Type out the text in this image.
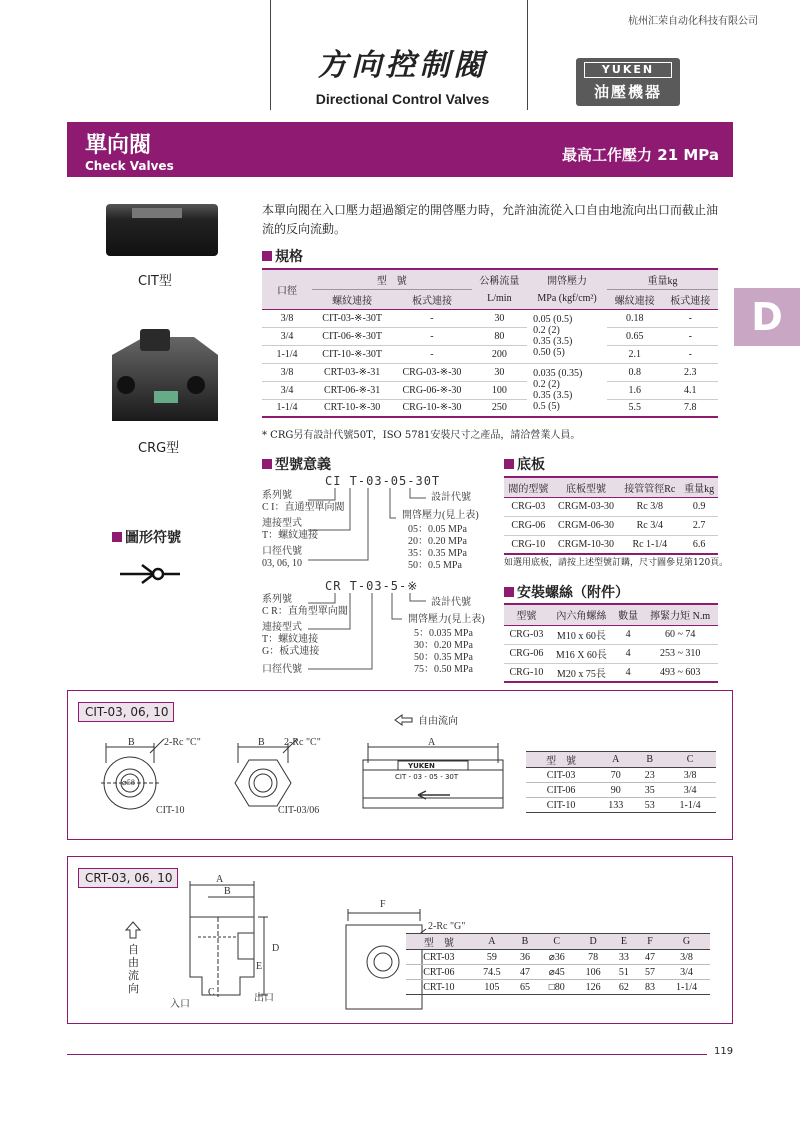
杭州汇荣自动化科技有限公司
方向控制閥
Directional Control Valves
YUKEN
油壓機器
單向閥
Check Valves
最高工作壓力 21 MPa
D
CIT型
CRG型
本單向閥在入口壓力超過額定的開啓壓力時，允許油流從入口自由地流向出口而截止油流的反向流動。
規格
口徑	型　號		公稱流量	開啓壓力	重量kg	
	螺紋連接	板式連接	L/min	MPa (kgf/cm²)	螺紋連接	板式連接
3/8	CIT-03-※-30T	-	30	0.05 (0.5)
0.2 (2)
0.35 (3.5)
0.50 (5)	0.18	-
3/4	CIT-06-※-30T	-	80		0.65	-
1-1/4	CIT-10-※-30T	-	200		2.1	-
3/8	CRT-03-※-31	CRG-03-※-30	30	0.035 (0.35)
0.2 (2)
0.35 (3.5)
0.5 (5)	0.8	2.3
3/4	CRT-06-※-31	CRG-06-※-30	100		1.6	4.1
1-1/4	CRT-10-※-30	CRG-10-※-30	250		5.5	7.8
* CRG另有設計代號50T，ISO 5781安裝尺寸之產品，請洽營業人員。
型號意義
CI T-03-05-30T
系列號
C I：直通型單向閥
連接型式
T：螺紋連接
口徑代號
03, 06, 10
設計代號
開啓壓力(見上表)
05：0.05 MPa
20：0.20 MPa
35：0.35 MPa
50：0.5 MPa
CR T-03-5-※
系列號
C R：直角型單向閥
連接型式
T：螺紋連接
G：板式連接
口徑代號
設計代號
開啓壓力(見上表)
5：0.035 MPa
30：0.20 MPa
50：0.35 MPa
75：0.50 MPa
圖形符號
底板
閥的型號	底板型號	接管管徑Rc	重量kg
CRG-03	CRGM-03-30	Rc 3/8	0.9
CRG-06	CRGM-06-30	Rc 3/4	2.7
CRG-10	CRGM-10-30	Rc 1-1/4	6.6
如選用底板，請按上述型號訂購，尺寸圖參見第120頁。
安裝螺絲（附件）
型號	內六角螺絲	數量	擰緊力矩 N.m
CRG-03	M10 x 60長	4	60 ~ 74
CRG-06	M16 X 60長	4	253 ~ 310
CRG-10	M20 x 75長	4	493 ~ 603
CIT-03, 06, 10
自由流向
B	2-Rc "C"	B 2-Rc "C"	A
⌀58
YUKEN
CIT - 03 - 05 - 30T
CIT-10	CIT-03/06
型　號	A	B	C
CIT-03	70	23	3/8
CIT-06	90	35	3/4
CIT-10	133	53	1-1/4
CRT-03, 06, 10
自由流向
A
B
D
E
C
入口
出口
F
2-Rc "G"
型　號	A	B	C	D	E	F	G
CRT-03	59	36	⌀36	78	33	47	3/8
CRT-06	74.5	47	⌀45	106	51	57	3/4
CRT-10	105	65	□80	126	62	83	1-1/4
119
